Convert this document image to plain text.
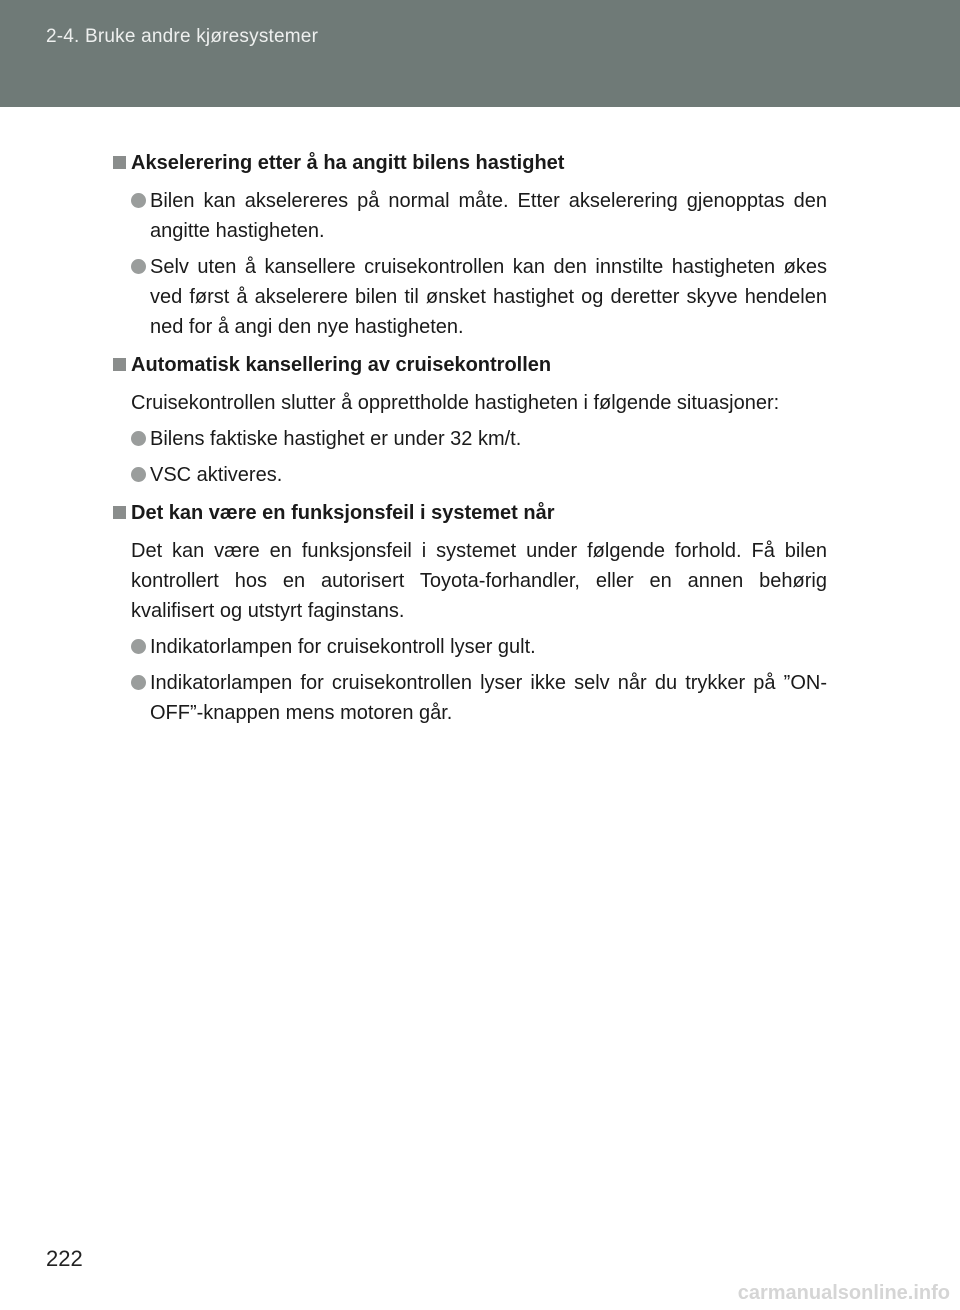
2-4. Bruke andre kjøresystemer
Akselerering etter å ha angitt bilens hastighet
Bilen kan akselereres på normal måte. Etter akselerering gjenopptas den angitte hastigheten.
Selv uten å kansellere cruisekontrollen kan den innstilte hastigheten økes ved først å akselerere bilen til ønsket hastighet og deretter skyve hendelen ned for å angi den nye hastigheten.
Automatisk kansellering av cruisekontrollen
Cruisekontrollen slutter å opprettholde hastigheten i følgende situasjoner:
Bilens faktiske hastighet er under 32 km/t.
VSC aktiveres.
Det kan være en funksjonsfeil i systemet når
Det kan være en funksjonsfeil i systemet under følgende forhold. Få bilen kontrollert hos en autorisert Toyota-forhandler, eller en annen behørig kvalifisert og utstyrt faginstans.
Indikatorlampen for cruisekontroll lyser gult.
Indikatorlampen for cruisekontrollen lyser ikke selv når du trykker på ”ON-OFF”-knappen mens motoren går.
222
carmanualsonline.info
